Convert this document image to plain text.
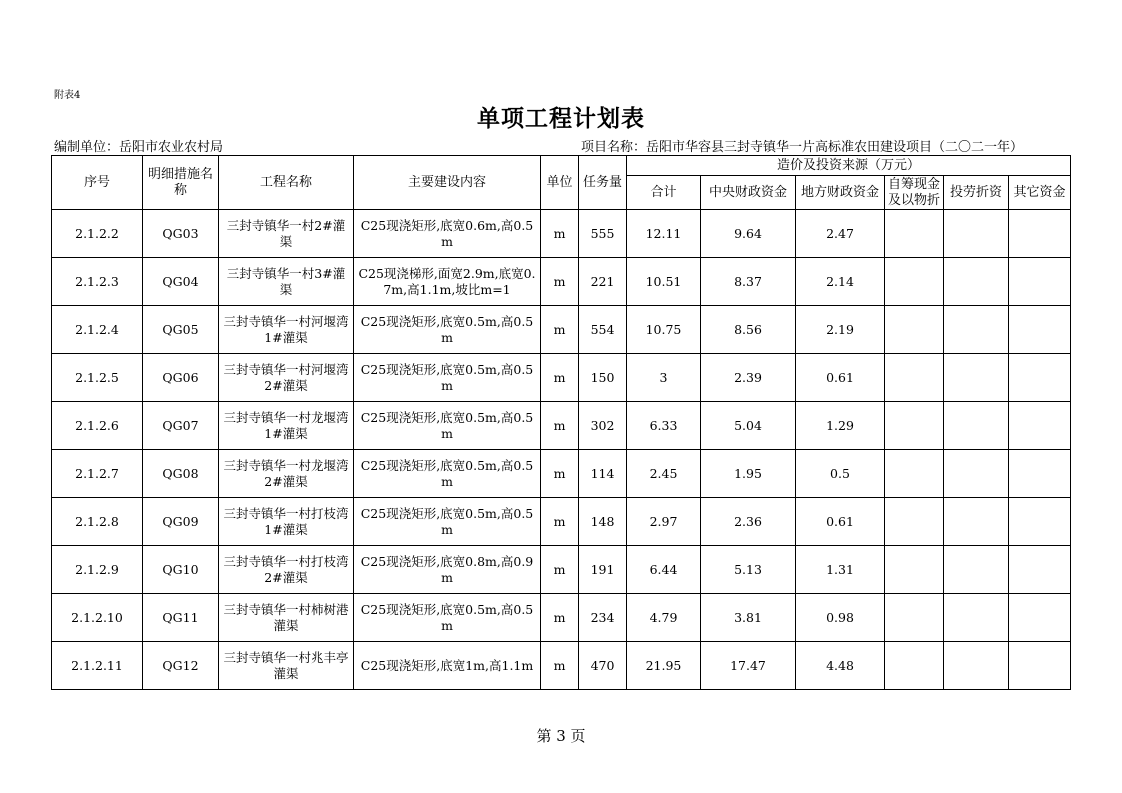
附表4
单项工程计划表
编制单位：岳阳市农业农村局	项目名称：岳阳市华容县三封寺镇华一片高标准农田建设项目（二〇二一年）
序号	明细措施名称	工程名称	主要建设内容	单位	任务量	造价及投资来源（万元）					
						合计	中央财政资金	地方财政资金	自筹现金及以物折	投劳折资	其它资金
2.1.2.2	QG03	三封寺镇华一村2#灌渠	C25现浇矩形,底宽0.6m,高0.5m	m	555	12.11	9.64	2.47			
2.1.2.3	QG04	三封寺镇华一村3#灌渠	C25现浇梯形,面宽2.9m,底宽0.7m,高1.1m,坡比m=1	m	221	10.51	8.37	2.14			
2.1.2.4	QG05	三封寺镇华一村河堰湾1#灌渠	C25现浇矩形,底宽0.5m,高0.5m	m	554	10.75	8.56	2.19			
2.1.2.5	QG06	三封寺镇华一村河堰湾2#灌渠	C25现浇矩形,底宽0.5m,高0.5m	m	150	3	2.39	0.61			
2.1.2.6	QG07	三封寺镇华一村龙堰湾1#灌渠	C25现浇矩形,底宽0.5m,高0.5m	m	302	6.33	5.04	1.29			
2.1.2.7	QG08	三封寺镇华一村龙堰湾2#灌渠	C25现浇矩形,底宽0.5m,高0.5m	m	114	2.45	1.95	0.5			
2.1.2.8	QG09	三封寺镇华一村打枝湾1#灌渠	C25现浇矩形,底宽0.5m,高0.5m	m	148	2.97	2.36	0.61			
2.1.2.9	QG10	三封寺镇华一村打枝湾2#灌渠	C25现浇矩形,底宽0.8m,高0.9m	m	191	6.44	5.13	1.31			
2.1.2.10	QG11	三封寺镇华一村柿树港灌渠	C25现浇矩形,底宽0.5m,高0.5m	m	234	4.79	3.81	0.98			
2.1.2.11	QG12	三封寺镇华一村兆丰亭灌渠	C25现浇矩形,底宽1m,高1.1m	m	470	21.95	17.47	4.48			
第 3 页
